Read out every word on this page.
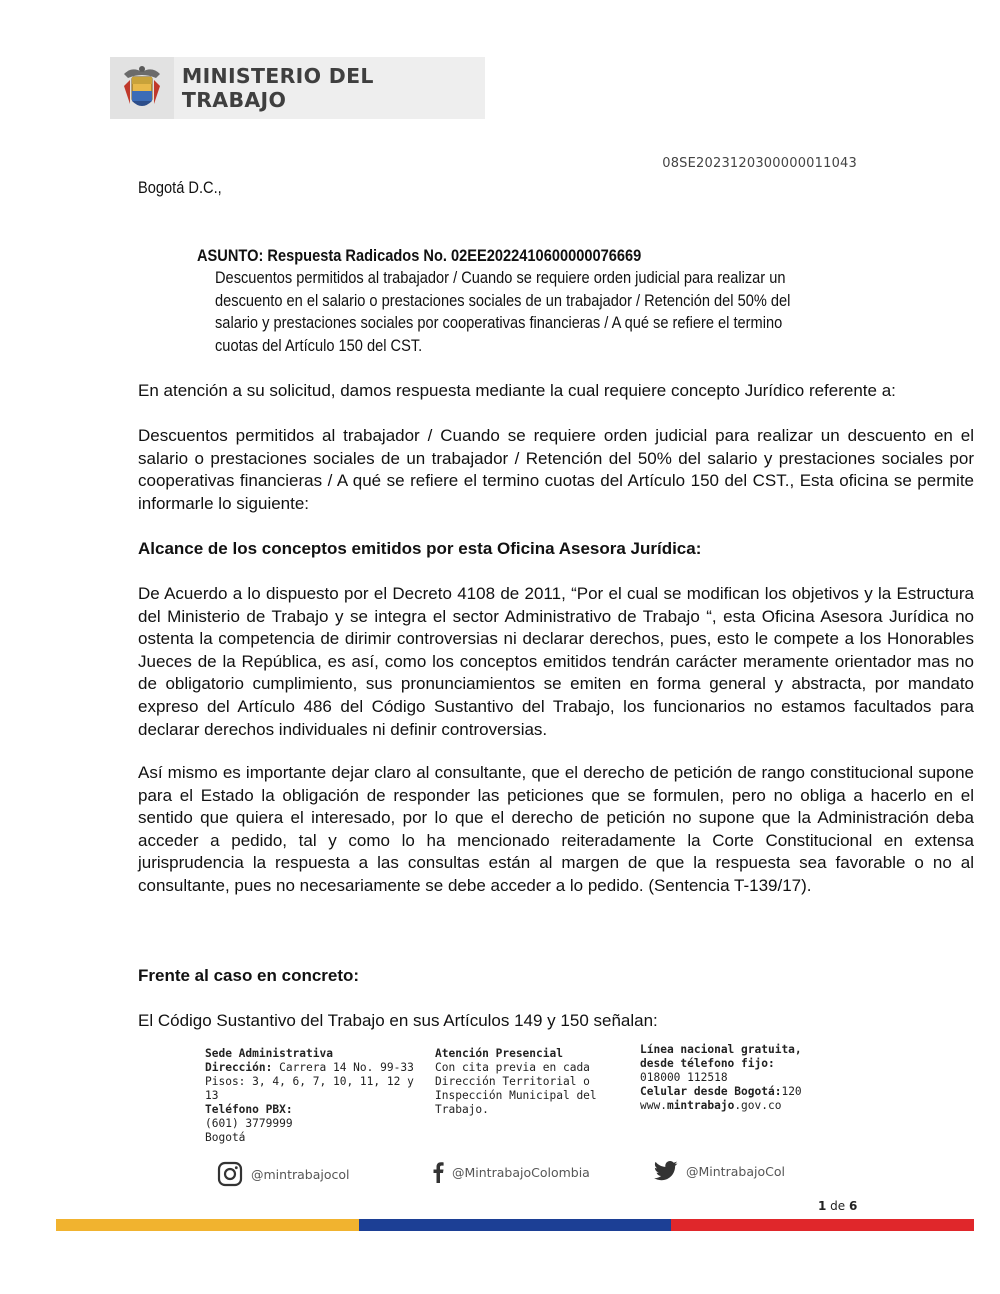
MINISTERIO DEL TRABAJO
08SE2023120300000011043
Bogotá D.C.,
ASUNTO: Respuesta Radicados No. 02EE2022410600000076669
Descuentos permitidos al trabajador / Cuando se requiere orden judicial para realizar un
descuento en el salario o prestaciones sociales de un trabajador / Retención del 50% del
salario y prestaciones sociales por cooperativas financieras / A qué se refiere el termino
cuotas del Artículo 150 del CST.

En atención a su solicitud, damos respuesta mediante la cual requiere concepto Jurídico referente a:

Descuentos permitidos al trabajador / Cuando se requiere orden judicial para realizar un descuento en el salario o prestaciones sociales de un trabajador / Retención del 50% del salario y prestaciones sociales por cooperativas financieras / A qué se refiere el termino cuotas del Artículo 150 del CST., Esta oficina se permite informarle lo siguiente:

Alcance de los conceptos emitidos por esta Oficina Asesora Jurídica:

De Acuerdo a lo dispuesto por el Decreto 4108 de 2011, “Por el cual se modifican los objetivos y la Estructura del Ministerio de Trabajo y se integra el sector Administrativo de Trabajo “, esta Oficina Asesora Jurídica no ostenta la competencia de dirimir controversias ni declarar derechos, pues, esto le compete a los Honorables Jueces de la República, es así, como los conceptos emitidos tendrán carácter meramente orientador mas no de obligatorio cumplimiento, sus pronunciamientos se emiten en forma general y abstracta, por mandato expreso del Artículo 486 del Código Sustantivo del Trabajo, los funcionarios no estamos facultados para declarar derechos individuales ni definir controversias.

Así mismo es importante dejar claro al consultante, que el derecho de petición de rango constitucional supone para el Estado la obligación de responder las peticiones que se formulen, pero no obliga a hacerlo en el sentido que quiera el interesado, por lo que el derecho de petición no supone que la Administración deba acceder a pedido, tal y como lo ha mencionado reiteradamente la Corte Constitucional en extensa jurisprudencia la respuesta a las consultas están al margen de que la respuesta sea favorable o no al consultante, pues no necesariamente se debe acceder a lo pedido. (Sentencia T-139/17).

Frente al caso en concreto:

El Código Sustantivo del Trabajo en sus Artículos 149 y 150 señalan:

Sede Administrativa
Dirección: Carrera 14 No. 99-33
Pisos: 3, 4, 6, 7, 10, 11, 12 y 13
Teléfono PBX:
(601) 3779999
Bogotá
Atención Presencial
Con cita previa en cada
Dirección Territorial o
Inspección Municipal del
Trabajo.
Línea nacional gratuita,
desde télefono fijo:
018000 112518
Celular desde Bogotá:120
www.mintrabajo.gov.co
@mintrabajocol	@MintrabajoColombia	@MintrabajoCol
1 de 6
